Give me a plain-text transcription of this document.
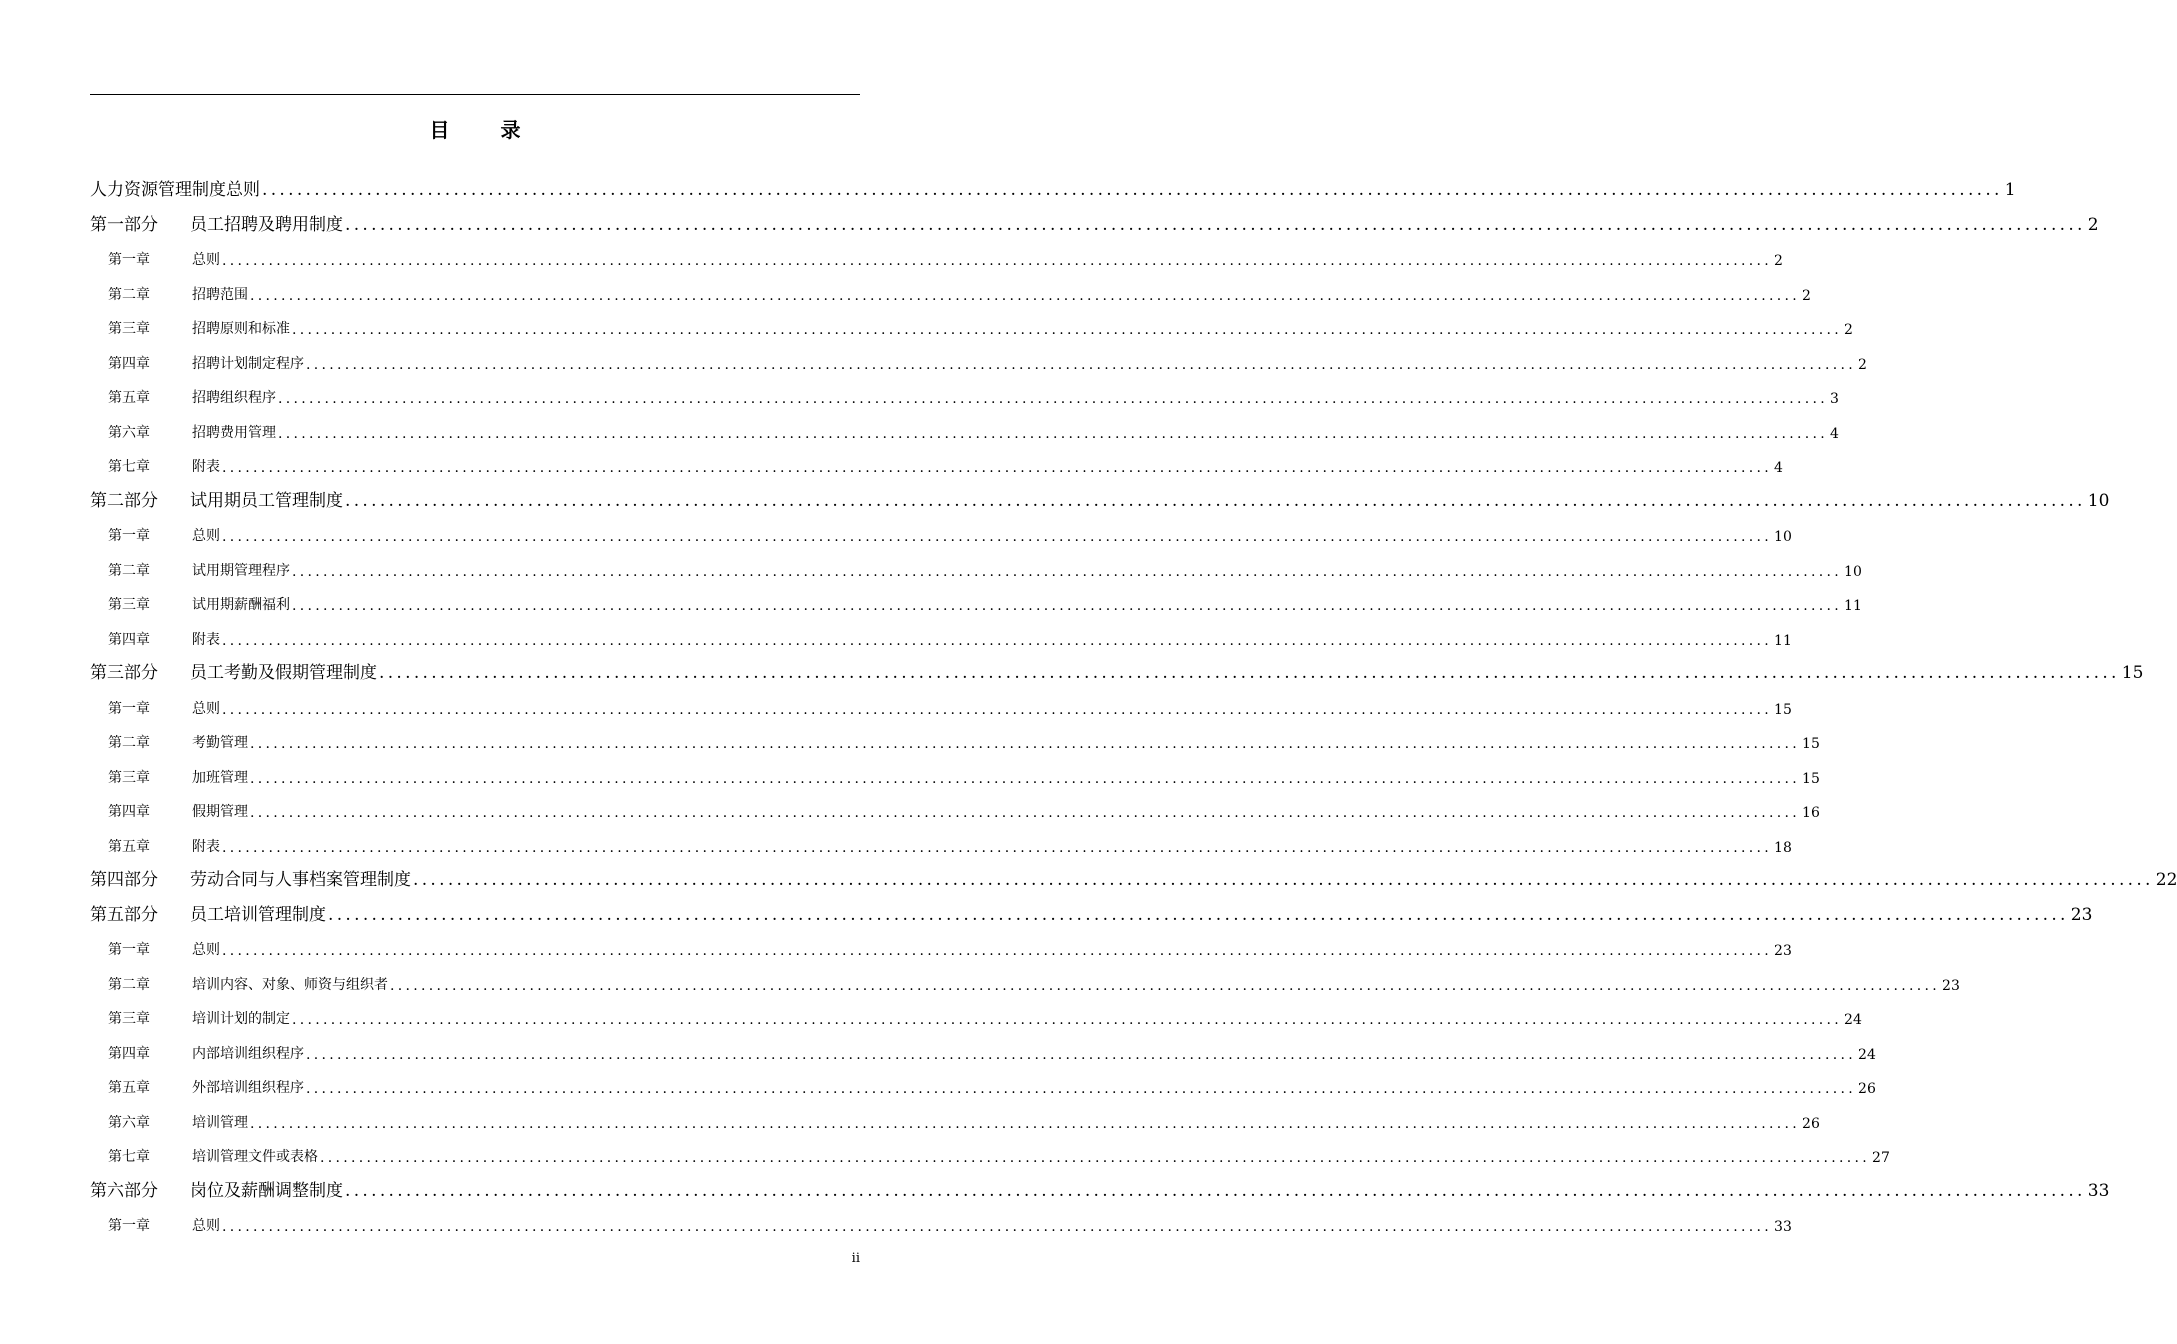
目 录
人力资源管理制度总则 ........................................................................................................................................................................................................ 1
第一部分	员工招聘及聘用制度 ........................................................................................................................................................................................................ 2
第一章	总则 ........................................................................................................................................................................................................ 2
第二章	招聘范围 ........................................................................................................................................................................................................ 2
第三章	招聘原则和标准 ........................................................................................................................................................................................................ 2
第四章	招聘计划制定程序 ........................................................................................................................................................................................................ 2
第五章	招聘组织程序 ........................................................................................................................................................................................................ 3
第六章	招聘费用管理 ........................................................................................................................................................................................................ 4
第七章	附表 ........................................................................................................................................................................................................ 4
第二部分	试用期员工管理制度 ........................................................................................................................................................................................................ 10
第一章	总则 ........................................................................................................................................................................................................ 10
第二章	试用期管理程序 ........................................................................................................................................................................................................ 10
第三章	试用期薪酬福利 ........................................................................................................................................................................................................ 11
第四章	附表 ........................................................................................................................................................................................................ 11
第三部分	员工考勤及假期管理制度 ........................................................................................................................................................................................................ 15
第一章	总则 ........................................................................................................................................................................................................ 15
第二章	考勤管理 ........................................................................................................................................................................................................ 15
第三章	加班管理 ........................................................................................................................................................................................................ 15
第四章	假期管理 ........................................................................................................................................................................................................ 16
第五章	附表 ........................................................................................................................................................................................................ 18
第四部分	劳动合同与人事档案管理制度 ........................................................................................................................................................................................................ 22
第五部分	员工培训管理制度 ........................................................................................................................................................................................................ 23
第一章	总则 ........................................................................................................................................................................................................ 23
第二章	培训内容、对象、师资与组织者 ........................................................................................................................................................................................................ 23
第三章	培训计划的制定 ........................................................................................................................................................................................................ 24
第四章	内部培训组织程序 ........................................................................................................................................................................................................ 24
第五章	外部培训组织程序 ........................................................................................................................................................................................................ 26
第六章	培训管理 ........................................................................................................................................................................................................ 26
第七章	培训管理文件或表格 ........................................................................................................................................................................................................ 27
第六部分	岗位及薪酬调整制度 ........................................................................................................................................................................................................ 33
第一章	总则 ........................................................................................................................................................................................................ 33
ii
